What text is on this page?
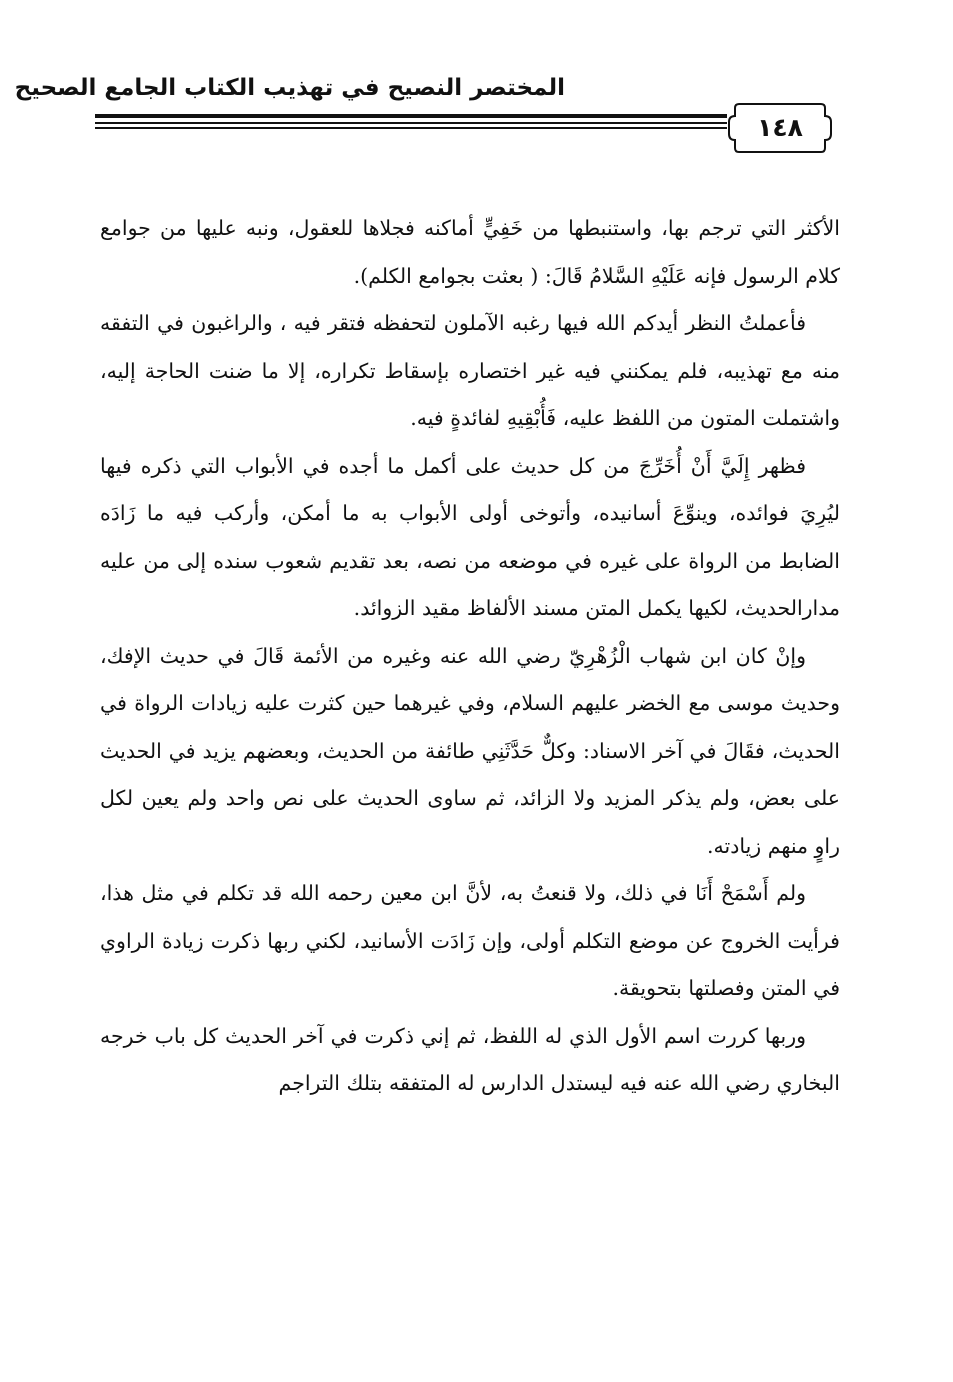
المختصر النصيح في تهذيب الكتاب الجامع الصحيح
١٤٨

الأكثر التي ترجم بها، واستنبطها من خَفِيٍّ أماكنه فجلاها للعقول، ونبه عليها من جوامع كلام الرسول فإنه عَلَيْهِ السَّلامُ قَالَ: ( بعثت بجوامع الكلم).

فأعملتُ النظر أيدكم الله فيها رغبه الآملون لتحفظه فتقر فيه ، والراغبون في التفقه منه مع تهذيبه، فلم يمكنني فيه غير اختصاره بإسقاط تكراره، إلا ما ضنت الحاجة إليه، واشتملت المتون من اللفظ عليه، فَأُبْقِيهِ لفائدةٍ فيه.

فظهر إِلَيَّ أَنْ أُخَرِّجَ من كل حديث على أكمل ما أجده في الأبواب التي ذكره فيها ليُرِيَ فوائده، وينوِّعَ أسانيده، وأتوخى أولى الأبواب به ما أمكن، وأركب فيه ما زَادَه الضابط من الرواة على غيره في موضعه من نصه، بعد تقديم شعوب سنده إلى من عليه مدارالحديث، لكيها يكمل المتن مسند الألفاظ مقيد الزوائد.

وإنْ كان ابن شهاب الْزُهْرِيّ رضي الله عنه وغيره من الأئمة قَالَ في حديث الإفك، وحديث موسى مع الخضر عليهم السلام، وفي غيرهما حين كثرت عليه زيادات الرواة في الحديث، فقَالَ في آخر الاسناد: وكلٌّ حَدَّثَنِي طائفة من الحديث، وبعضهم يزيد في الحديث على بعض، ولم يذكر المزيد ولا الزائد، ثم ساوى الحديث على نص واحد ولم يعين لكل راوٍ منهم زيادته.

ولم أَسْمَحْ أَنَا في ذلك، ولا قنعتُ به، لأنَّ ابن معين رحمه الله قد تكلم في مثل هذا، فرأيت الخروج عن موضع التكلم أولى، وإن زَادَت الأسانيد، لكني ربها ذكرت زيادة الراوي في المتن وفصلتها بتحويقة.

وربها كررت اسم الأول الذي له اللفظ، ثم إني ذكرت في آخر الحديث كل باب خرجه البخاري رضي الله عنه فيه ليستدل الدارس له المتفقه بتلك التراجم
